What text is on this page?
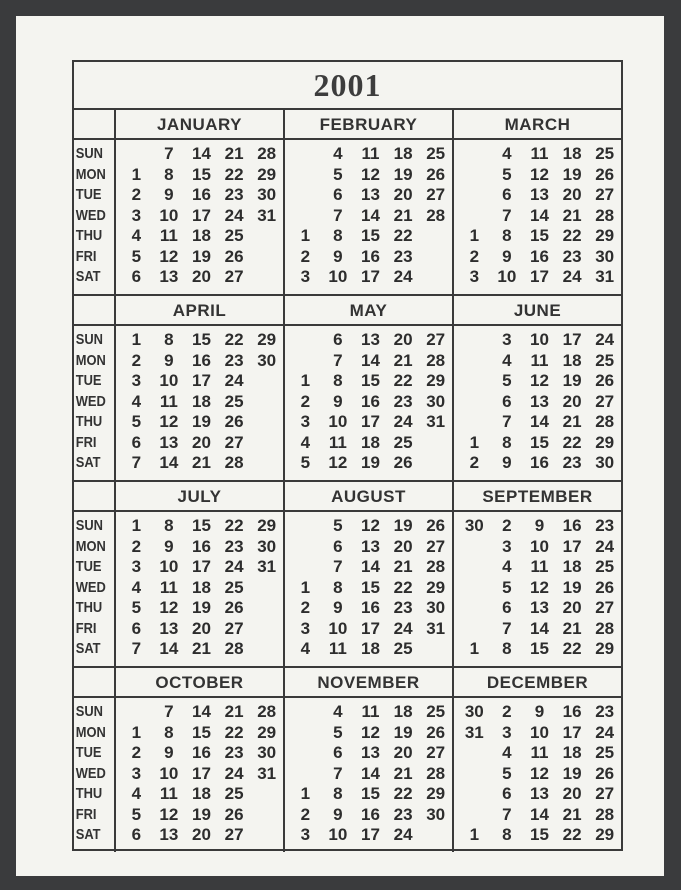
2001
SUN
MON
TUE
WED
THU
FRI
SAT
JANUARY
1
2
3
4
5
6
7
8
9
10
11
12
13
14
15
16
17
18
19
20
21
22
23
24
25
26
27
28
29
30
31
FEBRUARY
1
2
3
4
5
6
7
8
9
10
11
12
13
14
15
16
17
18
19
20
21
22
23
24
25
26
27
28
MARCH
1
2
3
4
5
6
7
8
9
10
11
12
13
14
15
16
17
18
19
20
21
22
23
24
25
26
27
28
29
30
31
SUN
MON
TUE
WED
THU
FRI
SAT
APRIL
1
2
3
4
5
6
7
8
9
10
11
12
13
14
15
16
17
18
19
20
21
22
23
24
25
26
27
28
29
30
MAY
1
2
3
4
5
6
7
8
9
10
11
12
13
14
15
16
17
18
19
20
21
22
23
24
25
26
27
28
29
30
31
JUNE
1
2
3
4
5
6
7
8
9
10
11
12
13
14
15
16
17
18
19
20
21
22
23
24
25
26
27
28
29
30
SUN
MON
TUE
WED
THU
FRI
SAT
JULY
1
2
3
4
5
6
7
8
9
10
11
12
13
14
15
16
17
18
19
20
21
22
23
24
25
26
27
28
29
30
31
AUGUST
1
2
3
4
5
6
7
8
9
10
11
12
13
14
15
16
17
18
19
20
21
22
23
24
25
26
27
28
29
30
31
SEPTEMBER
30
1
2
3
4
5
6
7
8
9
10
11
12
13
14
15
16
17
18
19
20
21
22
23
24
25
26
27
28
29
SUN
MON
TUE
WED
THU
FRI
SAT
OCTOBER
1
2
3
4
5
6
7
8
9
10
11
12
13
14
15
16
17
18
19
20
21
22
23
24
25
26
27
28
29
30
31
NOVEMBER
1
2
3
4
5
6
7
8
9
10
11
12
13
14
15
16
17
18
19
20
21
22
23
24
25
26
27
28
29
30
DECEMBER
30
31
1
2
3
4
5
6
7
8
9
10
11
12
13
14
15
16
17
18
19
20
21
22
23
24
25
26
27
28
29
